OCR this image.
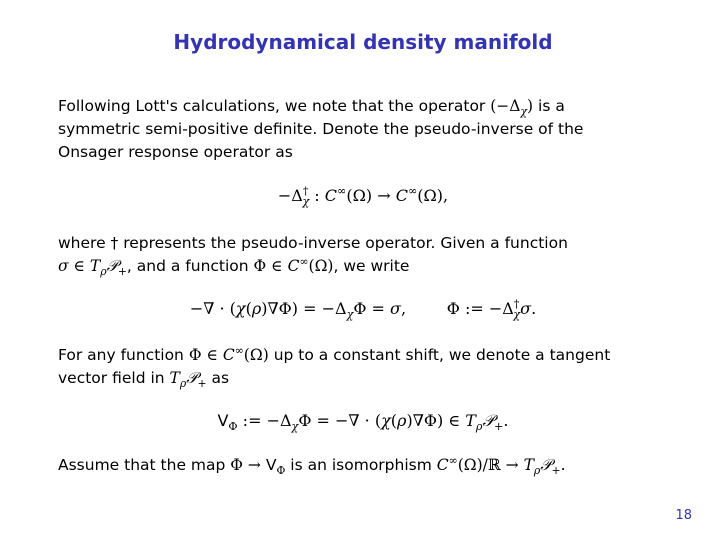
Hydrodynamical density manifold
Following Lott's calculations, we note that the operator $(-\Delta_\chi)$ is a
symmetric semi-positive definite. Denote the pseudo-inverse of the
Onsager response operator as
$-\Delta^\dagger_\chi$ : C∞(Ω) → C∞(Ω),
where † represents the pseudo-inverse operator. Given a function
σ ∈ $T_\rho 𝒫_+$, and a function Φ ∈ C∞(Ω), we write
−∇ · $(\chi(\rho)\nabla\Phi) = -\Delta_\chi\Phi = \sigma$,        Φ := $-\Delta^\dagger_\chi\sigma$.
For any function Φ ∈ C∞(Ω) up to a constant shift, we denote a tangent
vector field in $T_\rho 𝒫_+$ as
$V_\Phi$ := $-\Delta_\chi\Phi$ = −∇ · (χ(ρ)∇Φ) ∈ $T_\rho 𝒫_+$.
Assume that the map $\Phi \to V_\Phi$ is an isomorphism C∞(Ω)/ℝ → $T_\rho 𝒫_+$.
18
